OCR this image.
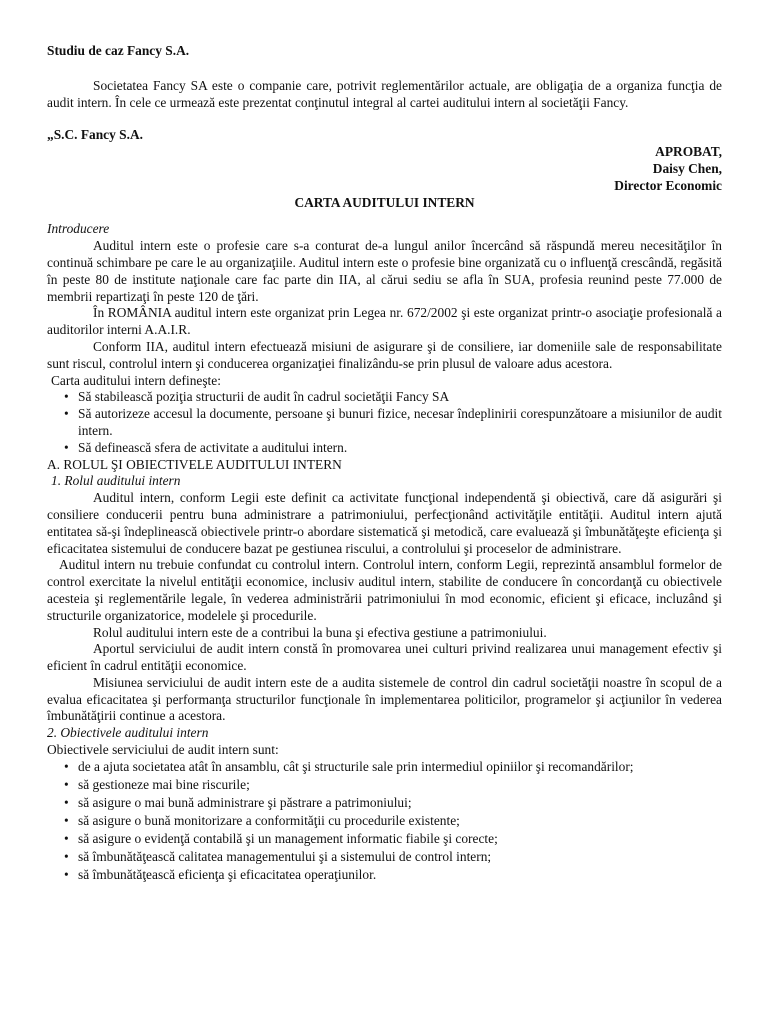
Studiu de caz Fancy S.A.

Societatea Fancy SA este o companie care, potrivit reglementărilor actuale, are obligaţia de a organiza funcţia de audit intern. În cele ce urmează este prezentat conţinutul integral al cartei auditului intern al societăţii Fancy.

„S.C. Fancy S.A.

APROBAT,
Daisy Chen,
Director Economic
CARTA AUDITULUI INTERN

Introducere

Auditul intern este o profesie care s-a conturat de-a lungul anilor încercând să răspundă mereu necesităţilor în continuă schimbare pe care le au organizaţiile. Auditul intern este o profesie bine organizată cu o influenţă crescândă, regăsită în peste 80 de institute naţionale care fac parte din IIA, al cărui sediu se afla în SUA, profesia reunind peste 77.000 de membrii repartizaţi în peste 120 de ţări.

În ROMÂNIA auditul intern este organizat prin Legea nr. 672/2002 şi este organizat printr-o asociaţie profesională a auditorilor interni A.A.I.R.

Conform IIA, auditul intern efectuează misiuni de asigurare şi de consiliere, iar domeniile sale de responsabilitate sunt riscul, controlul intern şi conducerea organizaţiei finalizându-se prin plusul de valoare adus acestora.

Carta auditului intern defineşte:

• Să stabilească poziţia structurii de audit în cadrul societăţii Fancy SA
• Să autorizeze accesul la documente, persoane şi bunuri fizice, necesar îndeplinirii corespunzătoare a misiunilor de audit intern.
• Să definească sfera de activitate a auditului intern.

A. ROLUL ŞI OBIECTIVELE AUDITULUI INTERN

1. Rolul auditului intern

Auditul intern, conform Legii este definit ca activitate funcţional independentă şi obiectivă, care dă asigurări şi consiliere conducerii pentru buna administrare a patrimoniului, perfecţionând activităţile entităţii. Auditul intern ajută entitatea să-şi îndeplinească obiectivele printr-o abordare sistematică şi metodică, care evaluează şi îmbunătăţeşte eficienţa şi eficacitatea sistemului de conducere bazat pe gestiunea riscului, a controlului şi proceselor de administrare.

Auditul intern nu trebuie confundat cu controlul intern. Controlul intern, conform Legii, reprezintă ansamblul formelor de control exercitate la nivelul entităţii economice, inclusiv auditul intern, stabilite de conducere în concordanţă cu obiectivele acesteia şi reglementările legale, în vederea administrării patrimoniului în mod economic, eficient şi eficace, incluzând şi structurile organizatorice, modelele şi procedurile.

Rolul auditului intern este de a contribui la buna şi efectiva gestiune a patrimoniului.

Aportul serviciului de audit intern constă în promovarea unei culturi privind realizarea unui management efectiv şi eficient în cadrul entităţii economice.

Misiunea serviciului de audit intern este de a audita sistemele de control din cadrul societăţii noastre în scopul de a evalua eficacitatea şi performanţa structurilor funcţionale în implementarea politicilor, programelor şi acţiunilor în vederea îmbunătăţirii continue a acestora.

2. Obiectivele auditului intern

Obiectivele serviciului de audit intern sunt:

• de a ajuta societatea atât în ansamblu, cât şi structurile sale prin intermediul opiniilor şi recomandărilor;
• să gestioneze mai bine riscurile;
• să asigure o mai bună administrare şi păstrare a patrimoniului;
• să asigure o bună monitorizare a conformităţii cu procedurile existente;
• să asigure o evidenţă contabilă şi un management informatic fiabile şi corecte;
• să îmbunătăţească calitatea managementului şi a sistemului de control intern;
• să îmbunătăţească eficienţa şi eficacitatea operaţiunilor.
